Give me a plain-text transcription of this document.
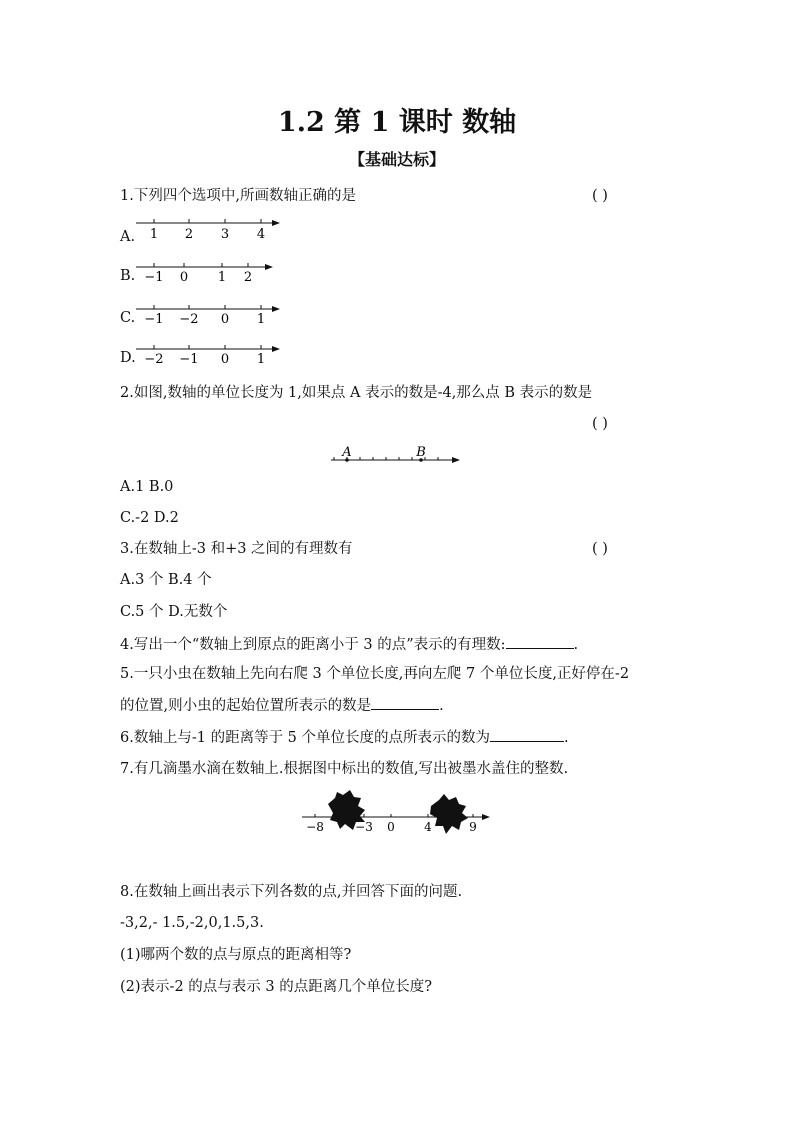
1.2 第 1 课时 数轴
【基础达标】
1.下列四个选项中,所画数轴正确的是	( )
A. 1 2 3 4
B. −1 0 1 2
C. −1 −2 0 1
D. −2 −1 0 1
2.如图,数轴的单位长度为 1,如果点 A 表示的数是-4,那么点 B 表示的数是
( )
A	B
A.1 B.0
C.-2 D.2
3.在数轴上-3 和+3 之间的有理数有	( )
A.3 个 B.4 个
C.5 个 D.无数个
4.写出一个“数轴上到原点的距离小于 3 的点”表示的有理数:	.
5.一只小虫在数轴上先向右爬 3 个单位长度,再向左爬 7 个单位长度,正好停在-2
的位置,则小虫的起始位置所表示的数是	.
6.数轴上与-1 的距离等于 5 个单位长度的点所表示的数为	.
7.有几滴墨水滴在数轴上.根据图中标出的数值,写出被墨水盖住的整数.
−8	−3 0 4	9
8.在数轴上画出表示下列各数的点,并回答下面的问题.
-3,2,- 1.5,-2,0,1.5,3.
(1)哪两个数的点与原点的距离相等?
(2)表示-2 的点与表示 3 的点距离几个单位长度?
